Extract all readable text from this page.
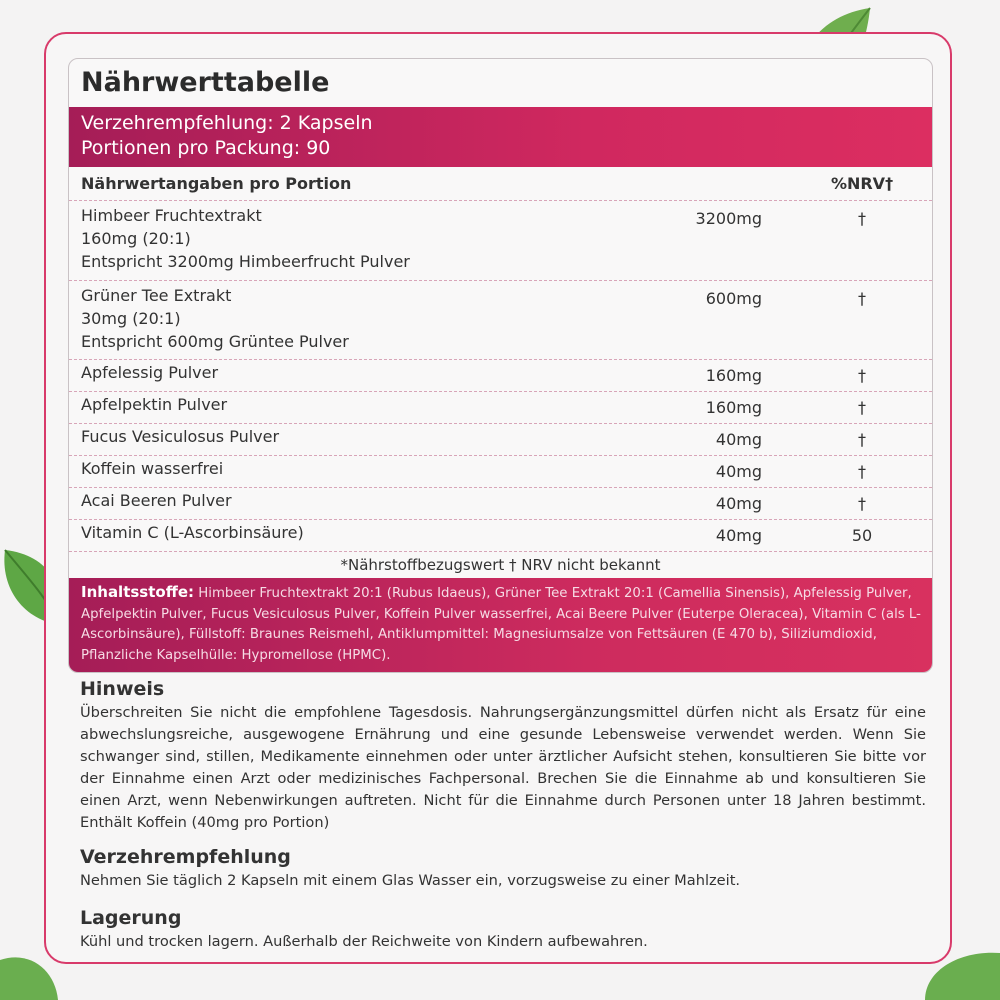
Nährwerttabelle
Verzehrempfehlung: 2 Kapseln
Portionen pro Packung: 90
Nährwertangaben pro Portion	%NRV†
Himbeer Fruchtextrakt
160mg (20:1)
Entspricht 3200mg Himbeerfrucht Pulver
3200mg	†
Grüner Tee Extrakt
30mg (20:1)
Entspricht 600mg Grüntee Pulver
600mg	†
Apfelessig Pulver	160mg	†
Apfelpektin Pulver	160mg	†
Fucus Vesiculosus Pulver	40mg	†
Koffein wasserfrei	40mg	†
Acai Beeren Pulver	40mg	†
Vitamin C (L-Ascorbinsäure)	40mg	50
*Nährstoffbezugswert † NRV nicht bekannt
Inhaltsstoffe: Himbeer Fruchtextrakt 20:1 (Rubus Idaeus), Grüner Tee Extrakt 20:1 (Camellia Sinensis), Apfelessig Pulver, Apfelpektin Pulver, Fucus Vesiculosus Pulver, Koffein Pulver wasserfrei, Acai Beere Pulver (Euterpe Oleracea), Vitamin C (als L-Ascorbinsäure), Füllstoff: Braunes Reismehl, Antiklumpmittel: Magnesiumsalze von Fettsäuren (E 470 b), Siliziumdioxid, Pflanzliche Kapselhülle: Hypromellose (HPMC).
Hinweis

Überschreiten Sie nicht die empfohlene Tagesdosis. Nahrungsergänzungsmittel dürfen nicht als Ersatz für eine abwechslungsreiche, ausgewogene Ernährung und eine gesunde Lebensweise verwendet werden. Wenn Sie schwanger sind, stillen, Medikamente einnehmen oder unter ärztlicher Aufsicht stehen, konsultieren Sie bitte vor der Einnahme einen Arzt oder medizinisches Fachpersonal. Brechen Sie die Einnahme ab und konsultieren Sie einen Arzt, wenn Nebenwirkungen auftreten. Nicht für die Einnahme durch Personen unter 18 Jahren bestimmt. Enthält Koffein (40mg pro Portion)

Verzehrempfehlung

Nehmen Sie täglich 2 Kapseln mit einem Glas Wasser ein, vorzugsweise zu einer Mahlzeit.

Lagerung

Kühl und trocken lagern. Außerhalb der Reichweite von Kindern aufbewahren.
